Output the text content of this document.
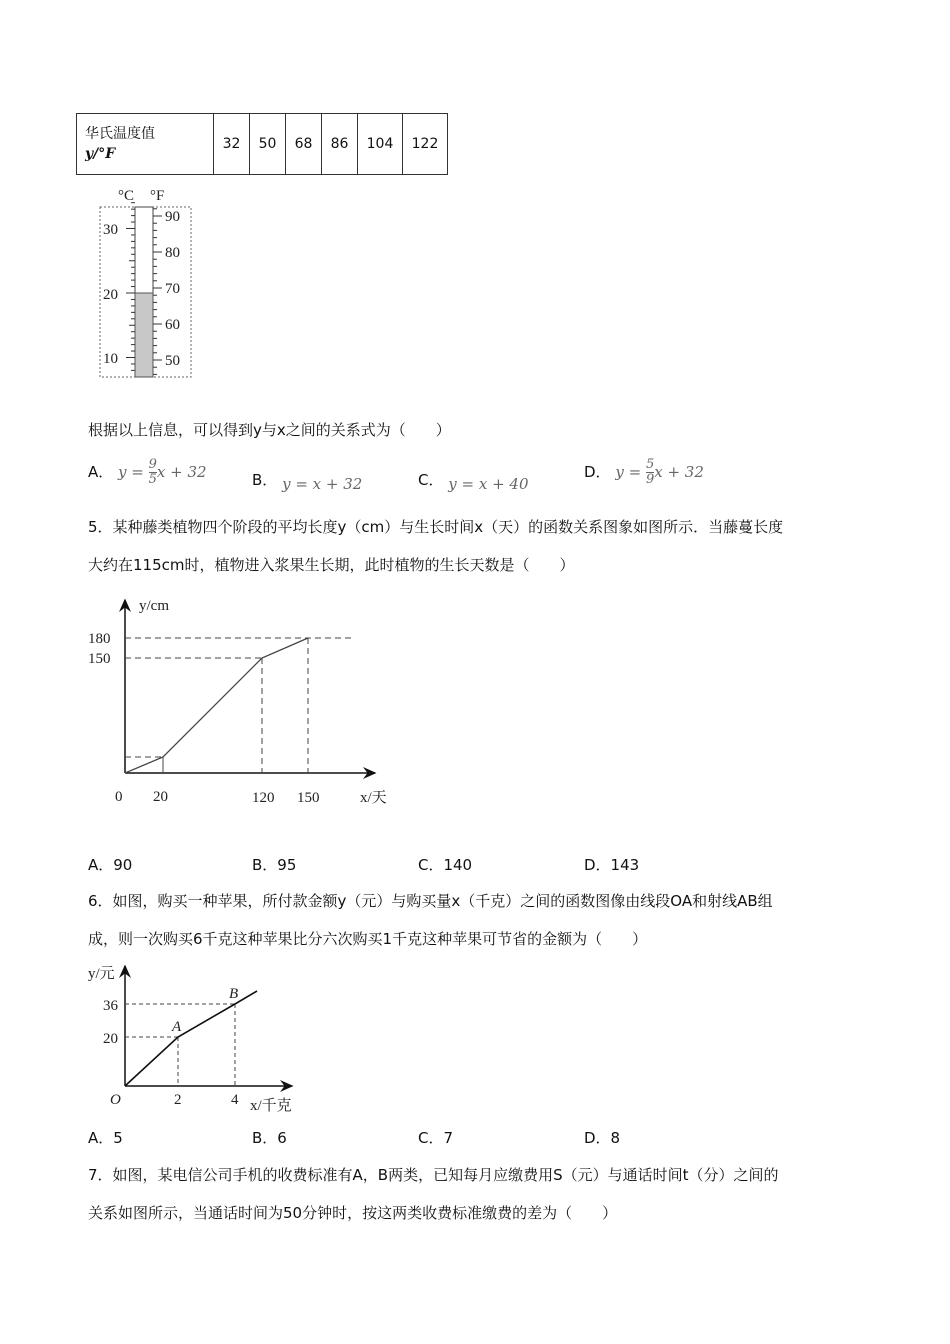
华氏温度值
y/°F
	32	50	68	86	104	122
°C °F
30
20
10
90
80
70
60
50
根据以上信息，可以得到y与x之间的关系式为（　　）
A． $y = \frac{9}{5}$ x + 32	B． y = x + 32	C． y = x + 40
D． $y = \frac{5}{9}$ x + 32
5．某种藤类植物四个阶段的平均长度y（cm）与生长时间x（天）的函数关系图象如图所示．当藤蔓长度
大约在115cm时，植物进入浆果生长期，此时植物的生长天数是（　　）
y/cm
180
150
0 20	120 150	x/天
A．90	B．95	C．140	D．143
6．如图，购买一种苹果，所付款金额y（元）与购买量x（千克）之间的函数图像由线段OA和射线AB组
成，则一次购买6千克这种苹果比分六次购买1千克这种苹果可节省的金额为（　　）
y/元
36
20
O	2	4 x/千克
A
B
A．5	B．6	C．7	D．8
7．如图，某电信公司手机的收费标准有A，B两类，已知每月应缴费用S（元）与通话时间t（分）之间的
关系如图所示，当通话时间为50分钟时，按这两类收费标准缴费的差为（　　）
